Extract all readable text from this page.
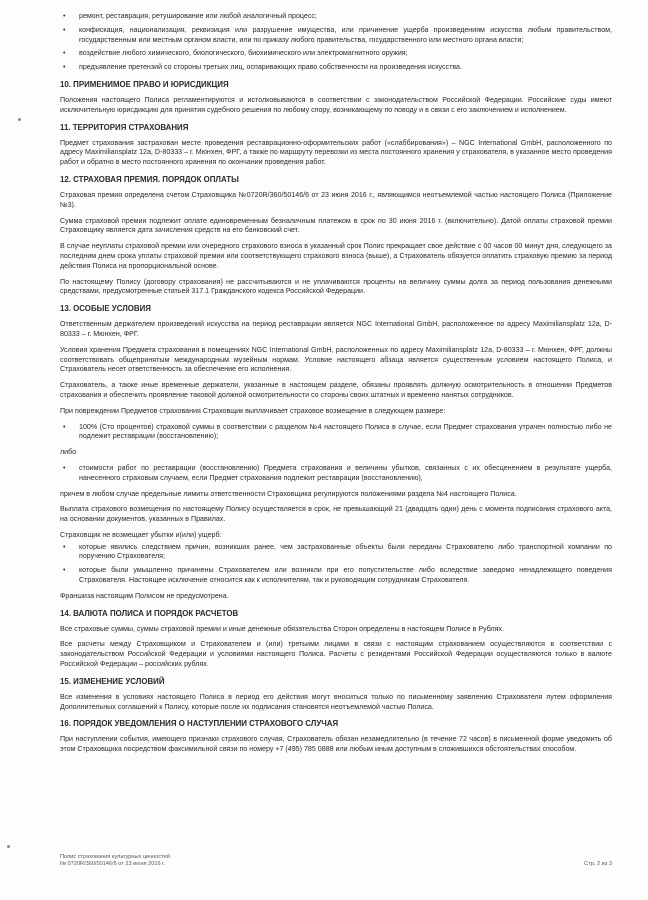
• ремонт, реставрация, ретуширование или любой аналогичный процесс;
• конфискация, национализация, реквизиция или разрушение имущества, или причинение ущерба произведениям искусства любым правительством, государственным или местным органом власти, или по приказу любого правительства, государственного или местного органа власти;
• воздействие любого химического, биологического, биохимического или электромагнитного оружия;
• предъявление претензий со стороны третьих лиц, оспаривающих право собственности на произведения искусства.
10. ПРИМЕНИМОЕ ПРАВО И ЮРИСДИКЦИЯ

Положения настоящего Полиса регламентируются и истолковываются в соответствии с законодательством Российской Федерации. Российские суды имеют исключительную юрисдикцию для принятия судебного решения по любому спору, возникающему по поводу и в связи с его заключением и исполнением.

11. ТЕРРИТОРИЯ СТРАХОВАНИЯ

Предмет страхования застрахован месте проведения реставрационно-оформительских работ («слаббирования») – NGC International GmbH, расположенного по адресу Maximiliansplatz 12a, D-80333 – г. Мюнхен, ФРГ, а также по маршруту перевозки из места постоянного хранения у страхователя, в указанное место проведения работ и обратно в место постоянного хранения по окончании проведения работ.

12. СТРАХОВАЯ ПРЕМИЯ. ПОРЯДОК ОПЛАТЫ

Страховая премия определена счетом Страховщика №0720R/360/50146/6 от 23 июня 2016 г., являющимся неотъемлемой частью настоящего Полиса (Приложение №3).

Сумма страховой премии подлежит оплате единовременным безналичным платежом в срок по 30 июня 2016 г. (включительно). Датой оплаты страховой премии Страховщику является дата зачисления средств на его банковский счет.

В случае неуплаты страховой премии или очередного страхового взноса в указанный срок Полис прекращает свое действие с 00 часов 00 минут дня, следующего за последним днем срока уплаты страховой премии или соответствующего страхового взноса (выше), а Страхователь обязуется оплатить страховую премию за период действия Полиса на пропорциональной основе.

По настоящему Полису (договору страхования) не рассчитываются и не уплачиваются проценты на величину суммы долга за период пользования денежными средствами, предусмотренные статьей 317.1 Гражданского кодекса Российской Федерации.

13. ОСОБЫЕ УСЛОВИЯ

Ответственным держателем произведений искусства на период реставрации является NGC International GmbH, расположенное по адресу Maximiliansplatz 12a, D-80333 – г. Мюнхен, ФРГ.

Условия хранения Предмета страхования в помещениях NGC International GmbH, расположенных по адресу Maximiliansplatz 12a, D-80333 – г. Мюнхен, ФРГ, должны соответствовать общепринятым международным музейным нормам. Условие настоящего абзаца является существенным условием настоящего Полиса, и Страхователь несет ответственность за обеспечение его исполнения.

Страхователь, а также иные временные держатели, указанные в настоящем разделе, обязаны проявлять должную осмотрительность в отношении Предметов страхования и обеспечить проявление таковой должной осмотрительности со стороны своих штатных и временно нанятых сотрудников.

При повреждении Предметов страхования Страховщик выплачивает страховое возмещение в следующем размере:

• 100% (Сто процентов) страховой суммы в соответствии с разделом №4 настоящего Полиса в случае, если Предмет страхования утрачен полностью либо не подлежит реставрации (восстановлению);

либо

• стоимости работ по реставрации (восстановлению) Предмета страхования и величины убытков, связанных с их обесценением в результате ущерба, нанесенного страховым случаем, если Предмет страхования подлежит реставрации (восстановлению),

причем в любом случае предельные лимиты ответственности Страховщика регулируются положениями раздела №4 настоящего Полиса.

Выплата страхового возмещения по настоящему Полису осуществляется в срок, не превышающий 21 (двадцать один) день с момента подписания страхового акта, на основании документов, указанных в Правилах.

Страховщик не возмещает убытки и(или) ущерб:

• которые явились следствием причин, возникших ранее, чем застрахованные объекты были переданы Страхователю либо транспортной компании по поручению Страхователя;
• которые были умышленно причинены Страхователем или возникли при его попустительстве либо вследствие заведомо ненадлежащего поведения Страхователя. Настоящее исключение относится как к исполнителям, так и руководящим сотрудникам Страхователя.

Франшиза настоящим Полисом не предусмотрена.

14. ВАЛЮТА ПОЛИСА И ПОРЯДОК РАСЧЕТОВ

Все страховые суммы, суммы страховой премии и иные денежные обязательства Сторон определены в настоящем Полисе в Рублях.

Все расчеты между Страховщиком и Страхователем и (или) третьими лицами в связи с настоящим страхованием осуществляются в соответствии с законодательством Российской Федерации и условиями настоящего Полиса. Расчеты с резидентами Российской Федерации осуществляются только в валюте Российской Федерации – российских рублях.

15. ИЗМЕНЕНИЕ УСЛОВИЙ

Все изменения в условиях настоящего Полиса в период его действия могут вноситься только по письменному заявлению Страхователя путем оформления Дополнительных соглашений к Полису, которые после их подписания становятся неотъемлемой частью Полиса.

16. ПОРЯДОК УВЕДОМЛЕНИЯ О НАСТУПЛЕНИИ СТРАХОВОГО СЛУЧАЯ

При наступлении события, имеющего признаки страхового случая, Страхователь обязан незамедлительно (в течение 72 часов) в письменной форме уведомить об этом Страховщика посредством факсимильной связи по номеру +7 (495) 785 0888 или любым иным доступным в сложившихся обстоятельствах способом.

Полис страхования культурных ценностей
№ 0720R/360/50146/6 от 23 июня 2016 г.	Стр. 2 из 3
